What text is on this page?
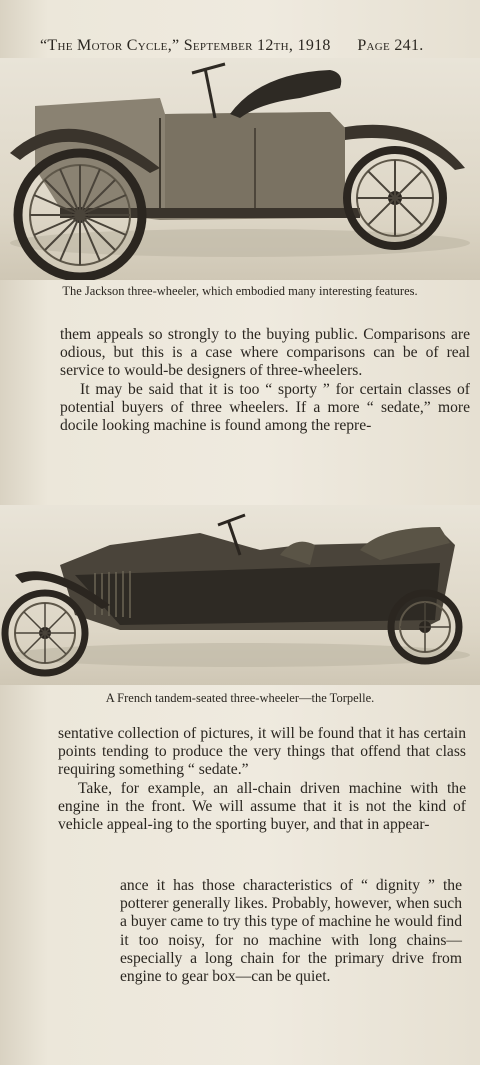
“The Motor Cycle,” September 12th, 1918 Page 241.
The Jackson three-wheeler, which embodied many interesting features.

them appeals so strongly to the buying public. Comparisons are odious, but this is a case where comparisons can be of real service to would-be designers of three-wheelers.

It may be said that it is too “ sporty ” for certain classes of potential buyers of three wheelers. If a more “ sedate,” more docile looking machine is found among the repre-

A French tandem-seated three-wheeler—the Torpelle.

sentative collection of pictures, it will be found that it has certain points tending to produce the very things that offend that class requiring something “ sedate.”

Take, for example, an all-chain driven machine with the engine in the front. We will assume that it is not the kind of vehicle appeal-ing to the sporting buyer, and that in appear-

ance it has those characteristics of “ dignity ” the potterer generally likes. Probably, however, when such a buyer came to try this type of machine he would find it too noisy, for no machine with long chains—especially a long chain for the primary drive from engine to gear box—can be quiet.
